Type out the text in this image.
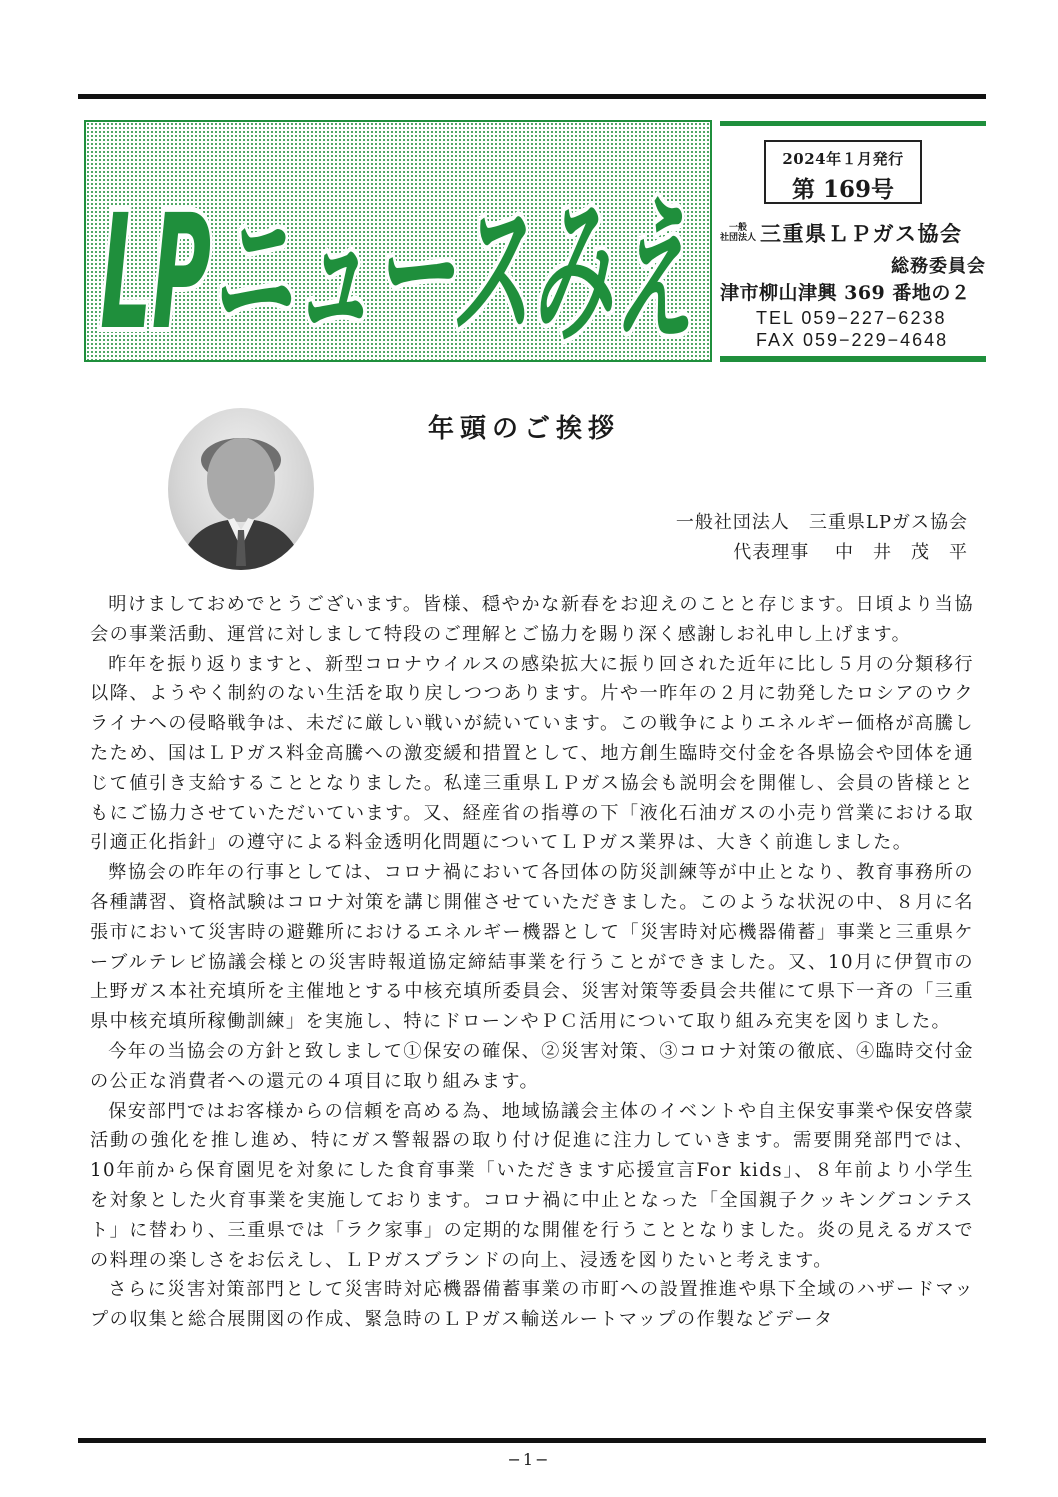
LPニュースみえ
LPニュースみえ
2024年１月発行
第 169号
一般
社団法人 三重県ＬＰガス協会
総務委員会
津市柳山津興 369 番地の２
TEL 059−227−6238
FAX 059−229−4648
年頭のご挨拶
一般社団法人　三重県LPガス協会
代表理事　 中　井　茂　平

明けましておめでとうございます。皆様、穏やかな新春をお迎えのことと存じます。日頃より当協会の事業活動、運営に対しまして特段のご理解とご協力を賜り深く感謝しお礼申し上げます。

昨年を振り返りますと、新型コロナウイルスの感染拡大に振り回された近年に比し５月の分類移行以降、ようやく制約のない生活を取り戻しつつあります。片や一昨年の２月に勃発したロシアのウクライナへの侵略戦争は、未だに厳しい戦いが続いています。この戦争によりエネルギー価格が高騰したため、国はＬＰガス料金高騰への激変緩和措置として、地方創生臨時交付金を各県協会や団体を通じて値引き支給することとなりました。私達三重県ＬＰガス協会も説明会を開催し、会員の皆様とともにご協力させていただいています。又、経産省の指導の下「液化石油ガスの小売り営業における取引適正化指針」の遵守による料金透明化問題についてＬＰガス業界は、大きく前進しました。

弊協会の昨年の行事としては、コロナ禍において各団体の防災訓練等が中止となり、教育事務所の各種講習、資格試験はコロナ対策を講じ開催させていただきました。このような状況の中、８月に名張市において災害時の避難所におけるエネルギー機器として「災害時対応機器備蓄」事業と三重県ケーブルテレビ協議会様との災害時報道協定締結事業を行うことができました。又、10月に伊賀市の上野ガス本社充填所を主催地とする中核充填所委員会、災害対策等委員会共催にて県下一斉の「三重県中核充填所稼働訓練」を実施し、特にドローンやＰＣ活用について取り組み充実を図りました。

今年の当協会の方針と致しまして①保安の確保、②災害対策、③コロナ対策の徹底、④臨時交付金の公正な消費者への還元の４項目に取り組みます。

保安部門ではお客様からの信頼を高める為、地域協議会主体のイベントや自主保安事業や保安啓蒙活動の強化を推し進め、特にガス警報器の取り付け促進に注力していきます。需要開発部門では、10年前から保育園児を対象にした食育事業「いただきます応援宣言For kids」、８年前より小学生を対象とした火育事業を実施しております。コロナ禍に中止となった「全国親子クッキングコンテスト」に替わり、三重県では「ラク家事」の定期的な開催を行うこととなりました。炎の見えるガスでの料理の楽しさをお伝えし、ＬＰガスブランドの向上、浸透を図りたいと考えます。

さらに災害対策部門として災害時対応機器備蓄事業の市町への設置推進や県下全域のハザードマップの収集と総合展開図の作成、緊急時のＬＰガス輸送ルートマップの作製などデータ

−1−
